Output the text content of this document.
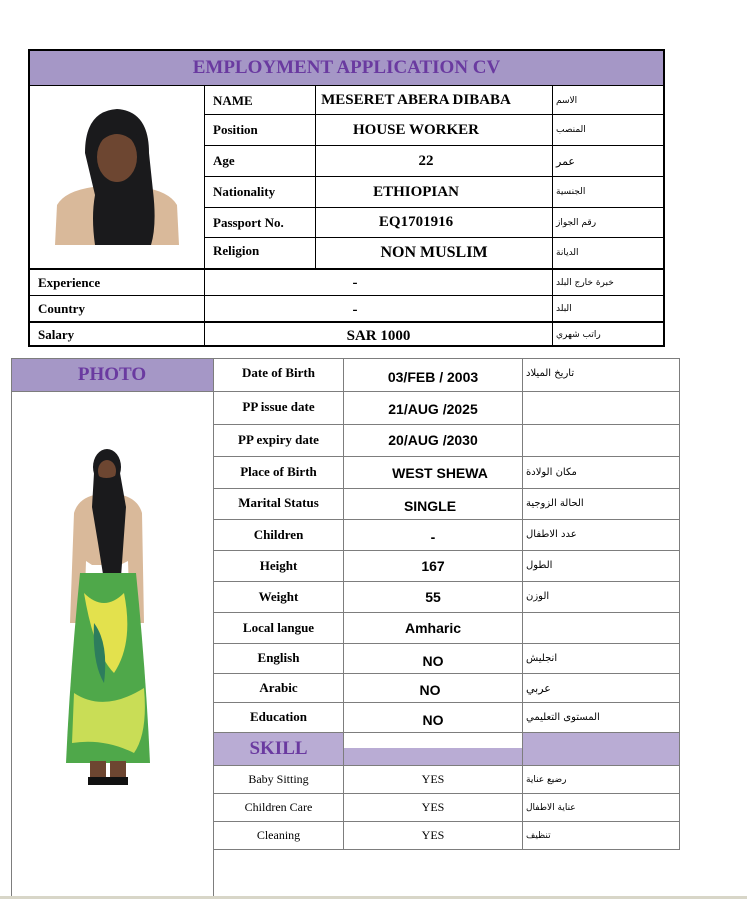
EMPLOYMENT APPLICATION CV
NAME	MESERET ABERA DIBABA	الاسم
Position	HOUSE WORKER	المنصب
Age	22	عمر
Nationality	ETHIOPIAN	الجنسية
Passport No.	EQ1701916	رقم الجواز
Religion	NON MUSLIM	الديانة
Experience	-	خبرة خارج البلد
Country	-	البلد
Salary	SAR 1000	راتب شهري
PHOTO	Date of Birth	03/FEB / 2003	تاريخ الميلاد
PP issue date	21/AUG /2025
PP expiry date	20/AUG /2030
Place of Birth	WEST SHEWA	مكان الولادة
Marital Status	SINGLE	الحالة الزوجية
Children	-	عدد الاطفال
Height	167	الطول
Weight	55	الوزن
Local langue	Amharic
English	NO	انجليش
Arabic	NO	عربي
Education	NO	المستوى التعليمي
SKILL
Baby Sitting	YES	رضيع عناية
Children Care	YES	عناية الاطفال
Cleaning	YES	تنظيف
